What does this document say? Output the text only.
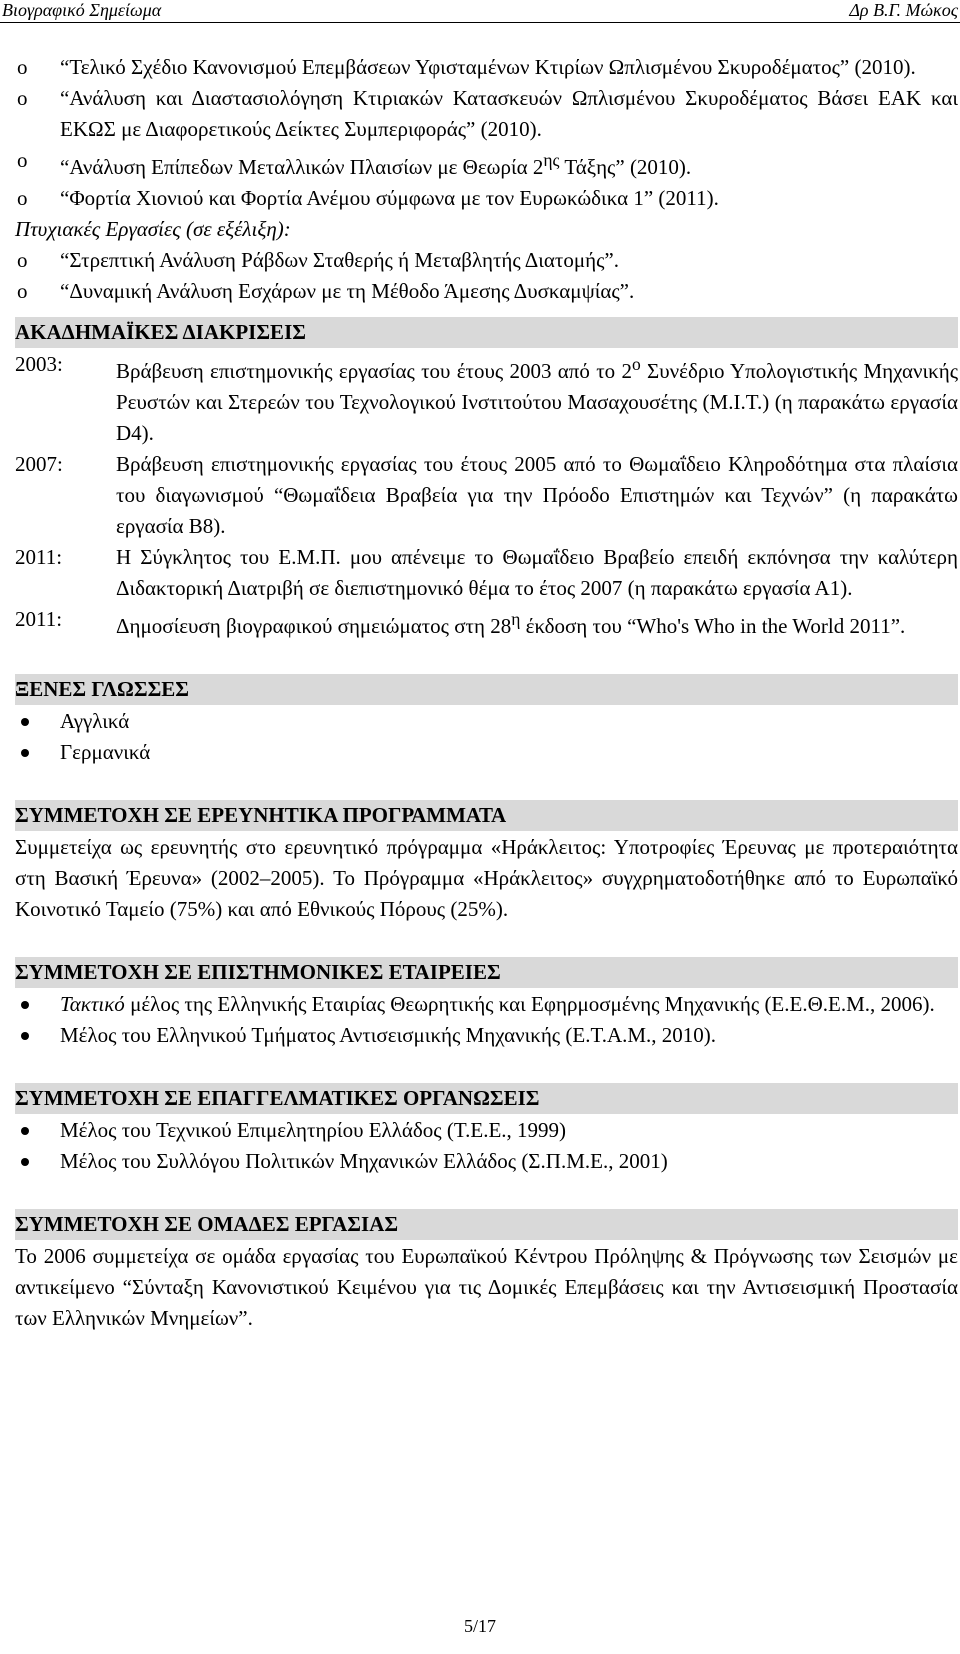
Βιογραφικό Σημείωμα	Δρ Β.Γ. Μώκος
o “Τελικό Σχέδιο Κανονισμού Επεμβάσεων Υφισταμένων Κτιρίων Ωπλισμένου Σκυροδέματος” (2010).
o “Ανάλυση και Διαστασιολόγηση Κτιριακών Κατασκευών Ωπλισμένου Σκυροδέματος Βάσει ΕΑΚ και ΕΚΩΣ με Διαφορετικούς Δείκτες Συμπεριφοράς” (2010).
o “Ανάλυση Επίπεδων Μεταλλικών Πλαισίων με Θεωρία $2^{\eta\varsigma}$ Τάξης” (2010).
o “Φορτία Χιονιού και Φορτία Ανέμου σύμφωνα με τον Ευρωκώδικα 1” (2011).
Πτυχιακές Εργασίες (σε εξέλιξη):
o “Στρεπτική Ανάλυση Ράβδων Σταθερής ή Μεταβλητής Διατομής”.
o “Δυναμική Ανάλυση Εσχάρων με τη Μέθοδο Άμεσης Δυσκαμψίας”.
ΑΚΑΔΗΜΑΪΚΕΣ ΔΙΑΚΡΙΣΕΙΣ
2003:	Βράβευση επιστημονικής εργασίας του έτους 2003 από το $2^o$ Συνέδριο Υπολογιστικής Μηχανικής Ρευστών και Στερεών του Τεχνολογικού Ινστιτούτου Μασαχουσέτης (Μ.Ι.Τ.) (η παρακάτω εργασία D4).
2007:	Βράβευση επιστημονικής εργασίας του έτους 2005 από το Θωμαΐδειο Κληροδότημα στα πλαίσια του διαγωνισμού “Θωμαΐδεια Βραβεία για την Πρόοδο Επιστημών και Τεχνών” (η παρακάτω εργασία Β8).
2011:	Η Σύγκλητος του Ε.Μ.Π. μου απένειμε το Θωμαΐδειο Βραβείο επειδή εκπόνησα την καλύτερη Διδακτορική Διατριβή σε διεπιστημονικό θέμα το έτος 2007 (η παρακάτω εργασία Α1).
2011:	Δημοσίευση βιογραφικού σημειώματος στη $28^\eta$ έκδοση του “Who's Who in the World 2011”.
ΞΕΝΕΣ ΓΛΩΣΣΕΣ
Αγγλικά
Γερμανικά
ΣΥΜΜΕΤΟΧΗ ΣΕ ΕΡΕΥΝΗΤΙΚΑ ΠΡΟΓΡΑΜΜΑΤΑ
Συμμετείχα ως ερευνητής στο ερευνητικό πρόγραμμα «Ηράκλειτος: Υποτροφίες Έρευνας με προτεραιότητα στη Βασική Έρευνα» (2002–2005). Το Πρόγραμμα «Ηράκλειτος» συγχρηματοδοτήθηκε από το Ευρωπαϊκό Κοινοτικό Ταμείο (75%) και από Εθνικούς Πόρους (25%).
ΣΥΜΜΕΤΟΧΗ ΣΕ ΕΠΙΣΤΗΜΟΝΙΚΕΣ ΕΤΑΙΡΕΙΕΣ
Τακτικό μέλος της Ελληνικής Εταιρίας Θεωρητικής και Εφηρμοσμένης Μηχανικής (Ε.Ε.Θ.Ε.Μ., 2006).
Μέλος του Ελληνικού Τμήματος Αντισεισμικής Μηχανικής (Ε.Τ.Α.Μ., 2010).
ΣΥΜΜΕΤΟΧΗ ΣΕ ΕΠΑΓΓΕΛΜΑΤΙΚΕΣ ΟΡΓΑΝΩΣΕΙΣ
Μέλος του Τεχνικού Επιμελητηρίου Ελλάδος (Τ.Ε.Ε., 1999)
Μέλος του Συλλόγου Πολιτικών Μηχανικών Ελλάδος (Σ.Π.Μ.Ε., 2001)
ΣΥΜΜΕΤΟΧΗ ΣΕ ΟΜΑΔΕΣ ΕΡΓΑΣΙΑΣ
Το 2006 συμμετείχα σε ομάδα εργασίας του Ευρωπαϊκού Κέντρου Πρόληψης & Πρόγνωσης των Σεισμών με αντικείμενο “Σύνταξη Κανονιστικού Κειμένου για τις Δομικές Επεμβάσεις και την Αντισεισμική Προστασία των Ελληνικών Μνημείων”.
5/17
